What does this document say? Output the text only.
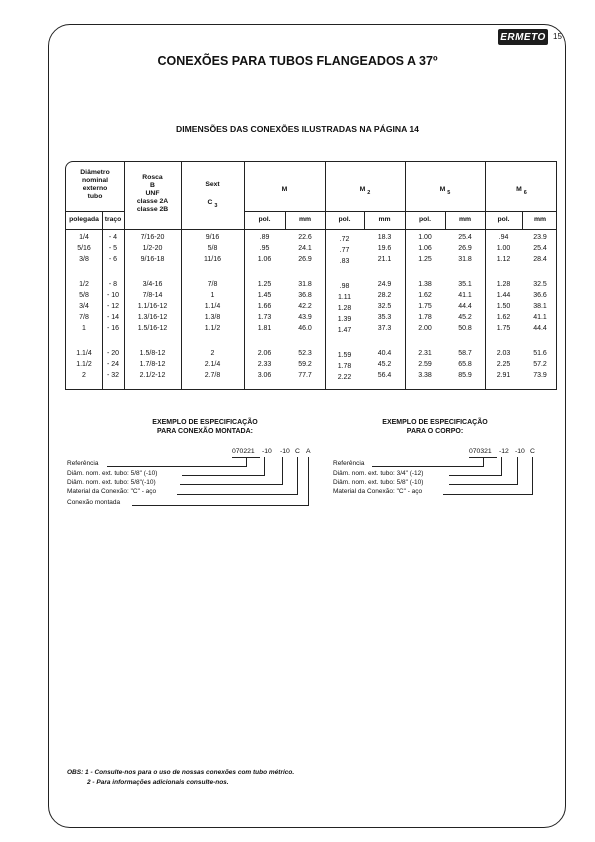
ERMETO 15
CONEXÕES PARA TUBOS FLANGEADOS A 37º
DIMENSÕES DAS CONEXÕES ILUSTRADAS NA PÁGINA 14
Diâmetro
nominal
externo
tubo
polegada traço
Rosca
B
UNF
classe 2A
classe 2B
Sext
C $_3$
M	M $_2$	M $_5$	M $_6$
pol.	mm	pol.	mm	pol.	mm	pol.	mm
1/4	- 4	7/16-20	9/16	.89	22.6	.72	18.3	1.00	25.4	.94	23.9
5/16	- 5	1/2-20	5/8	.95	24.1	.77	19.6	1.06	26.9	1.00	25.4
3/8	- 6	9/16-18	11/16	1.06	26.9	.83	21.1	1.25	31.8	1.12	28.4
1/2	- 8	3/4-16	7/8	1.25	31.8	.98	24.9	1.38	35.1	1.28	32.5
5/8	- 10	7/8-14	1	1.45	36.8	1.11	28.2	1.62	41.1	1.44	36.6
3/4	- 12	1.1/16-12	1.1/4	1.66	42.2	1.28	32.5	1.75	44.4	1.50	38.1
7/8	- 14	1.3/16-12	1.3/8	1.73	43.9	1.39	35.3	1.78	45.2	1.62	41.1
1	- 16	1.5/16-12	1.1/2	1.81	46.0	1.47	37.3	2.00	50.8	1.75	44.4
1.1/4	- 20	1.5/8-12	2	2.06	52.3	1.59	40.4	2.31	58.7	2.03	51.6
1.1/2	- 24	1.7/8-12	2.1/4	2.33	59.2	1.78	45.2	2.59	65.8	2.25	57.2
2	- 32	2.1/2-12	2.7/8	3.06	77.7	2.22	56.4	3.38	85.9	2.91	73.9
EXEMPLO DE ESPECIFICAÇÃO
PARA CONEXÃO MONTADA:
070221 -10 -10 C A
Referência
Diâm. nom. ext. tubo: 5/8" (-10)
Diâm. nom. ext. tubo: 5/8"(-10)
Material da Conexão: "C" - aço
Conexão montada
EXEMPLO DE ESPECIFICAÇÃO
PARA O CORPO:
070321 -12 -10 C
Referência
Diâm. nom. ext. tubo: 3/4" (-12)
Diâm. nom. ext. tubo: 5/8" (-10)
Material da Conexão: "C" - aço
OBS: 1 - Consulte-nos para o uso de nossas conexões com tubo métrico.
2 - Para informações adicionais consulte-nos.
